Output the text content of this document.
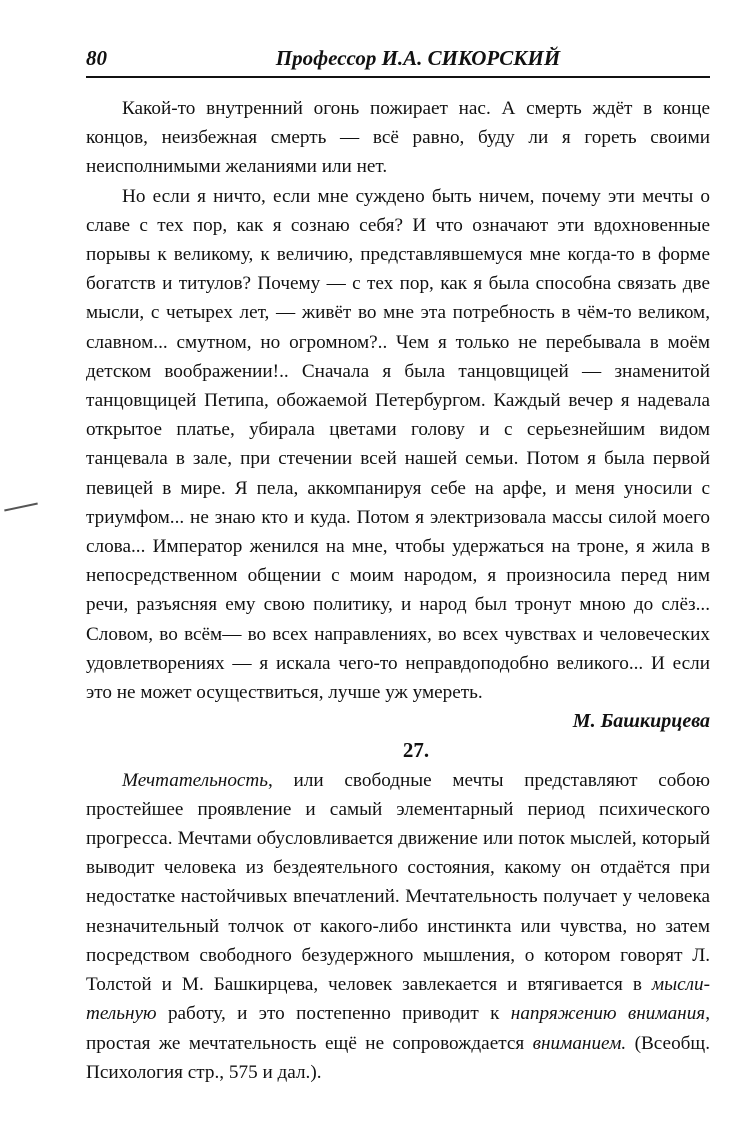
80	Профессор И.А. СИКОРСКИЙ

Какой-то внутренний огонь пожирает нас. А смерть ждёт в конце концов, неизбежная смерть — всё равно, буду ли я гореть своими неисполнимыми желаниями или нет.

Но если я ничто, если мне суждено быть ничем, почему эти мечты о славе с тех пор, как я сознаю себя? И что означают эти вдохновенные порывы к великому, к величию, представлявшемуся мне когда-то в форме богатств и титулов? Почему — с тех пор, как я была способна связать две мысли, с четырех лет, — живёт во мне эта потребность в чём-то великом, славном... смутном, но огромном?.. Чем я только не перебывала в моём детском воображении!.. Сначала я была танцовщицей — знаменитой танцовщицей Петипа, обожаемой Петербургом. Каждый вечер я надевала открытое платье, убирала цветами голову и с серьезнейшим видом танцевала в зале, при стечении всей нашей семьи. Потом я была первой певицей в мире. Я пела, аккомпанируя себе на арфе, и меня уносили с триумфом... не знаю кто и куда. Потом я электризовала массы силой моего слова... Император женился на мне, чтобы удержаться на троне, я жила в непосредственном общении с моим народом, я произносила перед ним речи, разъясняя ему свою политику, и народ был тронут мною до слёз... Словом, во всём— во всех направлениях, во всех чувствах и человеческих удовлетворениях — я искала чего-то неправдоподобно великого... И если это не может осуществиться, лучше уж умереть.

М. Башкирцева

27.

Мечтательность, или свободные мечты представляют собою простейшее проявление и самый элементарный период психического прогресса. Мечтами обусловливается движение или поток мыслей, который выводит человека из бездеятельного состояния, какому он отдаётся при недостатке настойчивых впечатлений. Мечтательность получает у человека незначительный толчок от какого-либо инстинкта или чувства, но затем посредством свободного безудержного мышления, о котором говорят Л. Толстой и М. Башкирцева, человек завлекается и втягивается в мыслительную работу, и это постепенно приводит к напряжению внимания, простая же мечтательность ещё не сопровождается вниманием. (Всеобщ. Психология стр., 575 и дал.).
